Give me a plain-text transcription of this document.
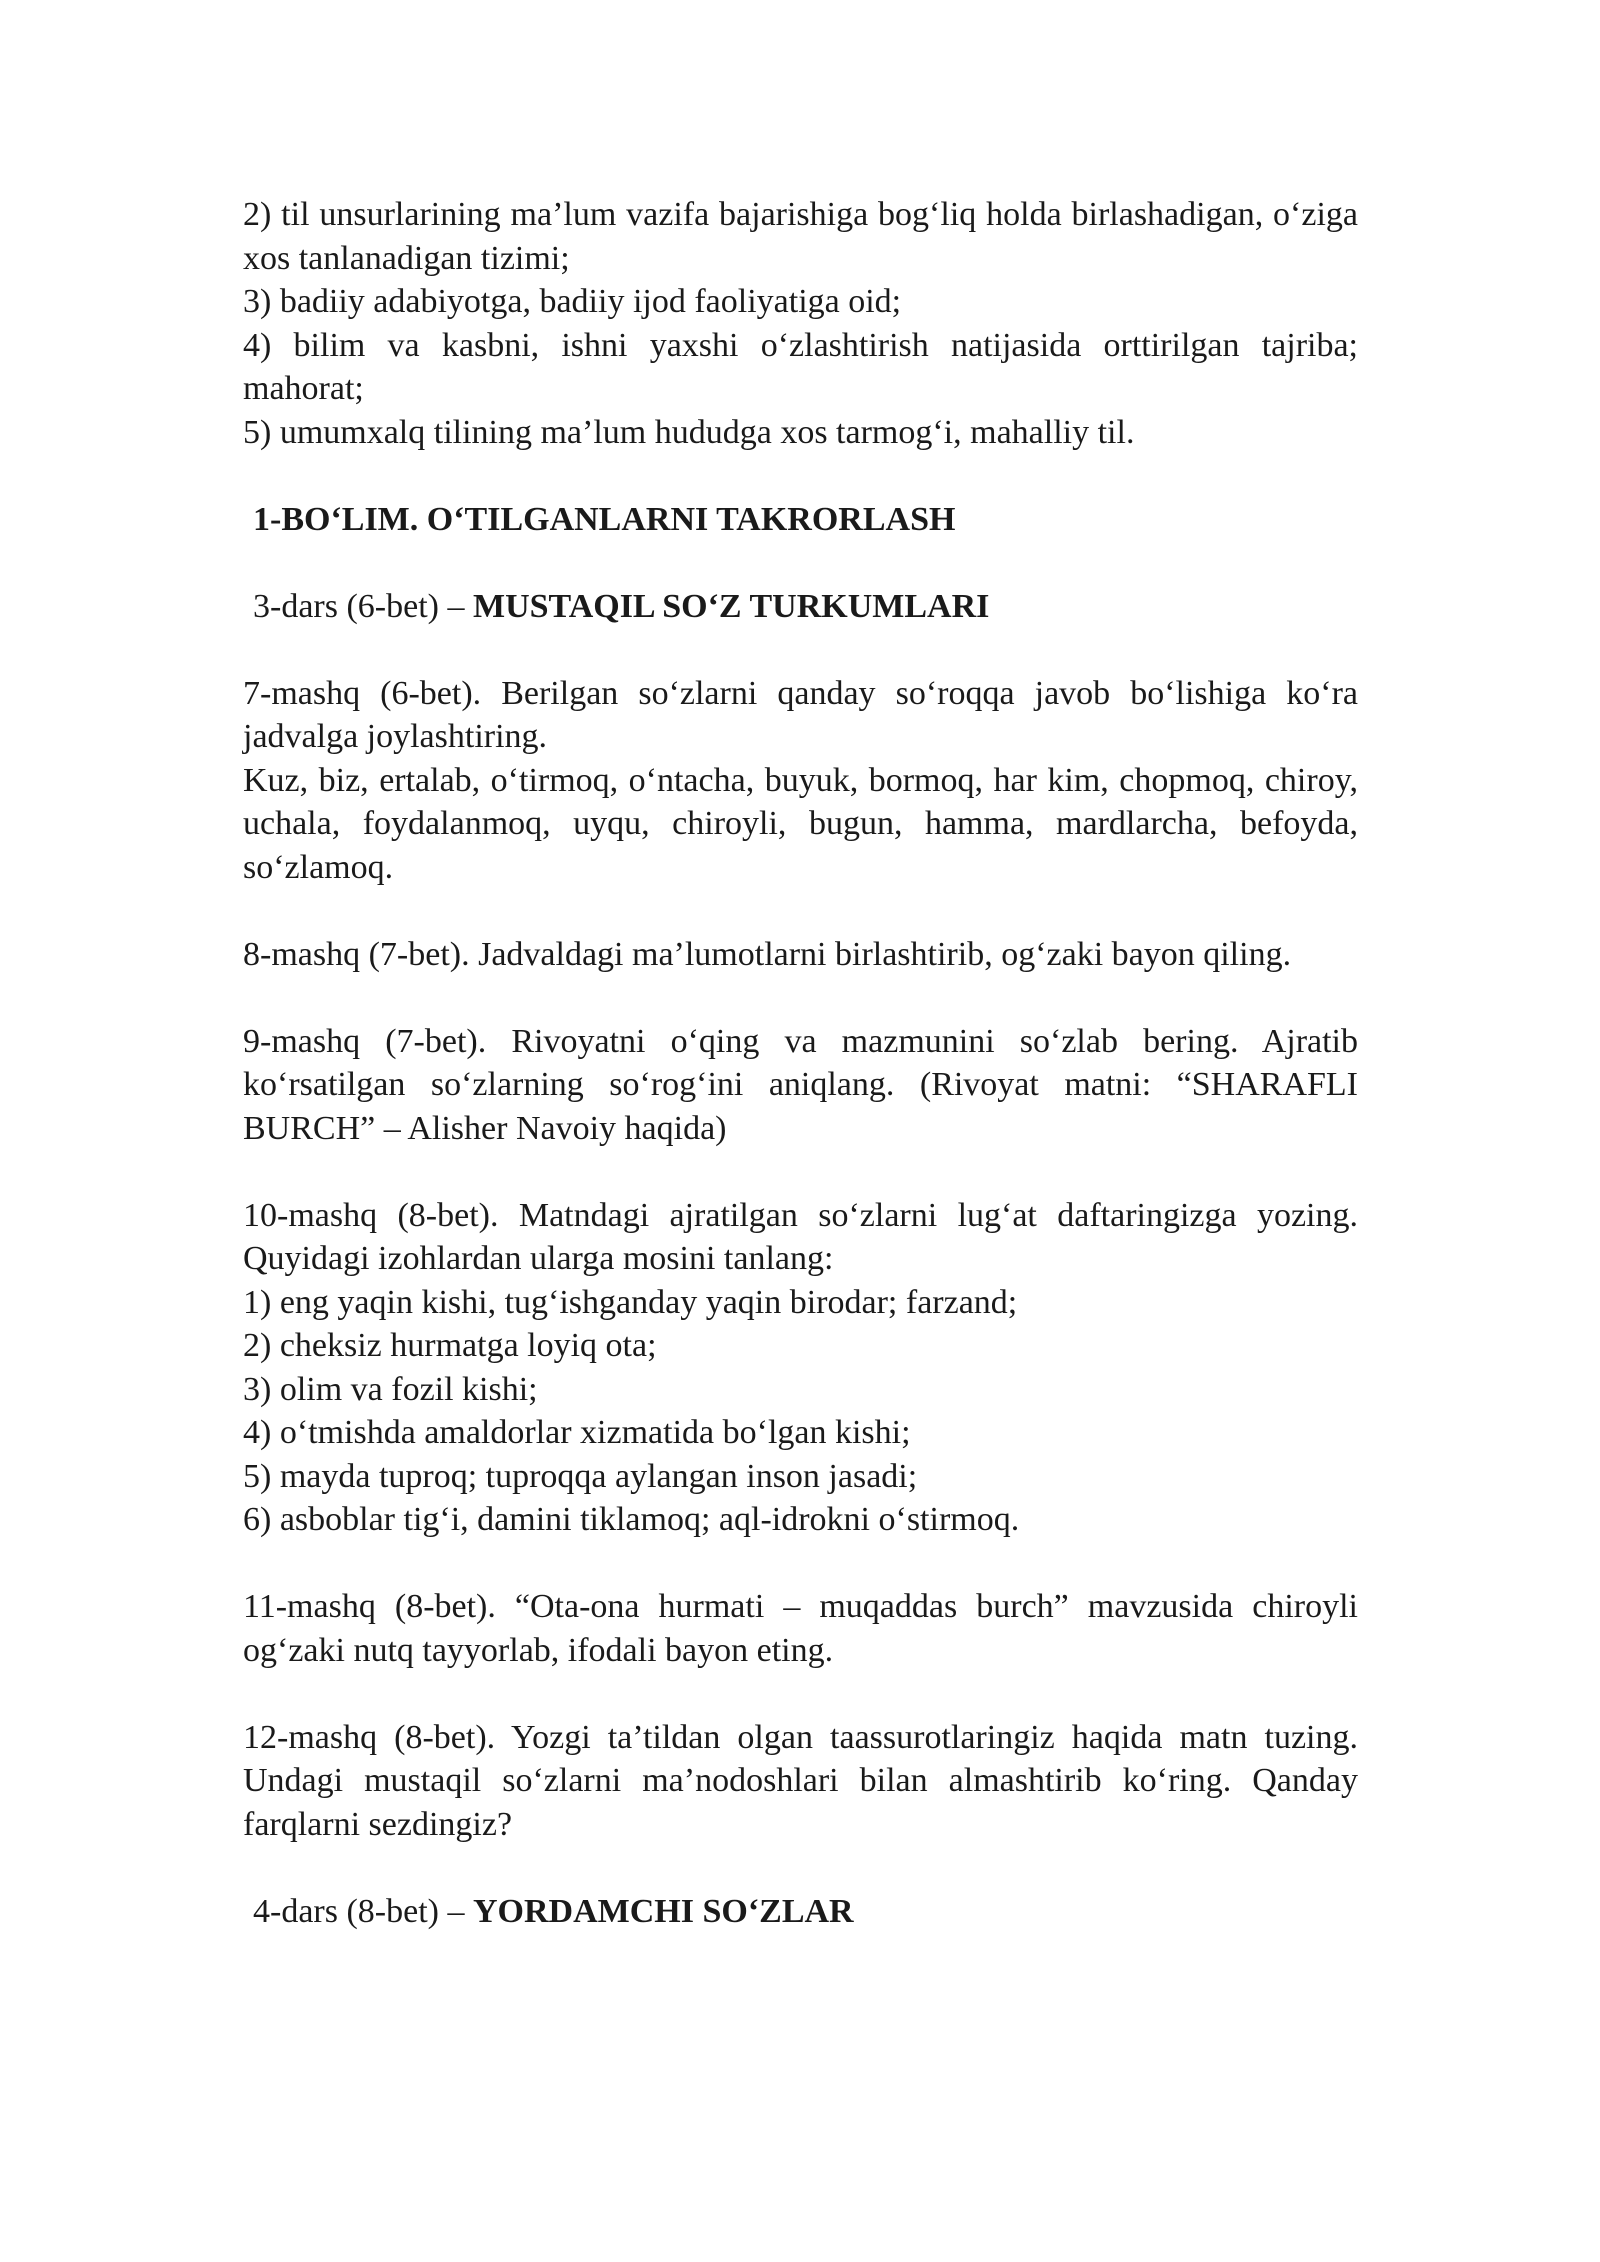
2) til unsurlarining ma’lum vazifa bajarishiga bog‘liq holda birlashadigan, o‘ziga xos tanlanadigan tizimi;
3) badiiy adabiyotga, badiiy ijod faoliyatiga oid;
4) bilim va kasbni, ishni yaxshi o‘zlashtirish natijasida orttirilgan tajriba; mahorat;
5) umumxalq tilining ma’lum hududga xos tarmog‘i, mahalliy til.
1-BO‘LIM. O‘TILGANLARNI TAKRORLASH
3-dars (6-bet) – MUSTAQIL SO‘Z TURKUMLARI
7-mashq (6-bet). Berilgan so‘zlarni qanday so‘roqqa javob bo‘lishiga ko‘ra jadvalga joylashtiring.
Kuz, biz, ertalab, o‘tirmoq, o‘ntacha, buyuk, bormoq, har kim, chopmoq, chiroy, uchala, foydalanmoq, uyqu, chiroyli, bugun, hamma, mardlarcha, befoyda, so‘zlamoq.
8-mashq (7-bet). Jadvaldagi ma’lumotlarni birlashtirib, og‘zaki bayon qiling.
9-mashq (7-bet). Rivoyatni o‘qing va mazmunini so‘zlab bering. Ajratib ko‘rsatilgan so‘zlarning so‘rog‘ini aniqlang. (Rivoyat matni: “SHARAFLI BURCH” – Alisher Navoiy haqida)
10-mashq (8-bet). Matndagi ajratilgan so‘zlarni lug‘at daftaringizga yozing. Quyidagi izohlardan ularga mosini tanlang:
1) eng yaqin kishi, tug‘ishganday yaqin birodar; farzand;
2) cheksiz hurmatga loyiq ota;
3) olim va fozil kishi;
4) o‘tmishda amaldorlar xizmatida bo‘lgan kishi;
5) mayda tuproq; tuproqqa aylangan inson jasadi;
6) asboblar tig‘i, damini tiklamoq; aql-idrokni o‘stirmoq.
11-mashq (8-bet). “Ota-ona hurmati – muqaddas burch” mavzusida chiroyli og‘zaki nutq tayyorlab, ifodali bayon eting.
12-mashq (8-bet). Yozgi ta’tildan olgan taassurotlaringiz haqida matn tuzing. Undagi mustaqil so‘zlarni ma’nodoshlari bilan almashtirib ko‘ring. Qanday farqlarni sezdingiz?
4-dars (8-bet) – YORDAMCHI SO‘ZLAR
